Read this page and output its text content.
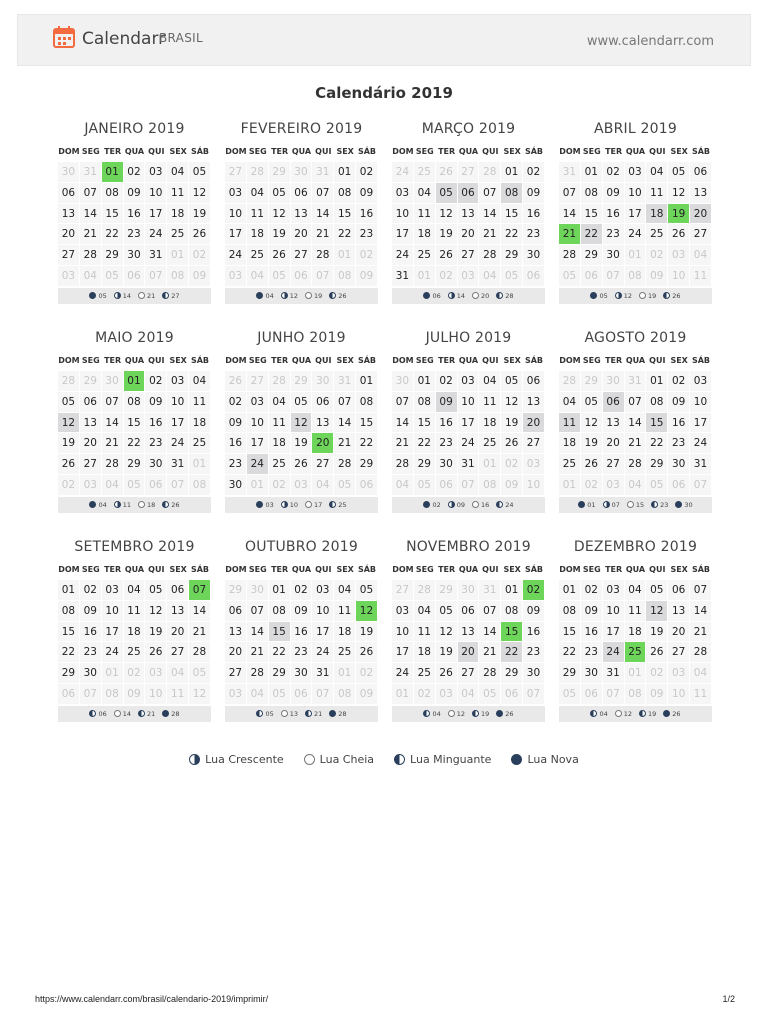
Calendarr
BRASIL	www.calendarr.com
Calendário 2019
JANEIRO 2019
DOM SEG TER QUA QUI SEX SÁB
30 31 01 02 03 04 05
06 07 08 09 10 11 12
13 14 15 16 17 18 19
20 21 22 23 24 25 26
27 28 29 30 31 01 02
03 04 05 06 07 08 09
05 14 21 27
FEVEREIRO 2019
DOM SEG TER QUA QUI SEX SÁB
27 28 29 30 31 01 02
03 04 05 06 07 08 09
10 11 12 13 14 15 16
17 18 19 20 21 22 23
24 25 26 27 28 01 02
03 04 05 06 07 08 09
04 12 19 26
MARÇO 2019
DOM SEG TER QUA QUI SEX SÁB
24 25 26 27 28 01 02
03 04 05 06 07 08 09
10 11 12 13 14 15 16
17 18 19 20 21 22 23
24 25 26 27 28 29 30
31 01 02 03 04 05 06
06 14 20 28
ABRIL 2019
DOM SEG TER QUA QUI SEX SÁB
31 01 02 03 04 05 06
07 08 09 10 11 12 13
14 15 16 17 18 19 20
21 22 23 24 25 26 27
28 29 30 01 02 03 04
05 06 07 08 09 10 11
05 12 19 26
MAIO 2019
DOM SEG TER QUA QUI SEX SÁB
28 29 30 01 02 03 04
05 06 07 08 09 10 11
12 13 14 15 16 17 18
19 20 21 22 23 24 25
26 27 28 29 30 31 01
02 03 04 05 06 07 08
04 11 18 26
JUNHO 2019
DOM SEG TER QUA QUI SEX SÁB
26 27 28 29 30 31 01
02 03 04 05 06 07 08
09 10 11 12 13 14 15
16 17 18 19 20 21 22
23 24 25 26 27 28 29
30 01 02 03 04 05 06
03 10 17 25
JULHO 2019
DOM SEG TER QUA QUI SEX SÁB
30 01 02 03 04 05 06
07 08 09 10 11 12 13
14 15 16 17 18 19 20
21 22 23 24 25 26 27
28 29 30 31 01 02 03
04 05 06 07 08 09 10
02 09 16 24
AGOSTO 2019
DOM SEG TER QUA QUI SEX SÁB
28 29 30 31 01 02 03
04 05 06 07 08 09 10
11 12 13 14 15 16 17
18 19 20 21 22 23 24
25 26 27 28 29 30 31
01 02 03 04 05 06 07
01 07 15 23 30
SETEMBRO 2019
DOM SEG TER QUA QUI SEX SÁB
01 02 03 04 05 06 07
08 09 10 11 12 13 14
15 16 17 18 19 20 21
22 23 24 25 26 27 28
29 30 01 02 03 04 05
06 07 08 09 10 11 12
06 14 21 28
OUTUBRO 2019
DOM SEG TER QUA QUI SEX SÁB
29 30 01 02 03 04 05
06 07 08 09 10 11 12
13 14 15 16 17 18 19
20 21 22 23 24 25 26
27 28 29 30 31 01 02
03 04 05 06 07 08 09
05 13 21 28
NOVEMBRO 2019
DOM SEG TER QUA QUI SEX SÁB
27 28 29 30 31 01 02
03 04 05 06 07 08 09
10 11 12 13 14 15 16
17 18 19 20 21 22 23
24 25 26 27 28 29 30
01 02 03 04 05 06 07
04 12 19 26
DEZEMBRO 2019
DOM SEG TER QUA QUI SEX SÁB
01 02 03 04 05 06 07
08 09 10 11 12 13 14
15 16 17 18 19 20 21
22 23 24 25 26 27 28
29 30 31 01 02 03 04
05 06 07 08 09 10 11
04 12 19 26
Lua Crescente	Lua Cheia	Lua Minguante	Lua Nova
https://www.calendarr.com/brasil/calendario-2019/imprimir/	1/2
